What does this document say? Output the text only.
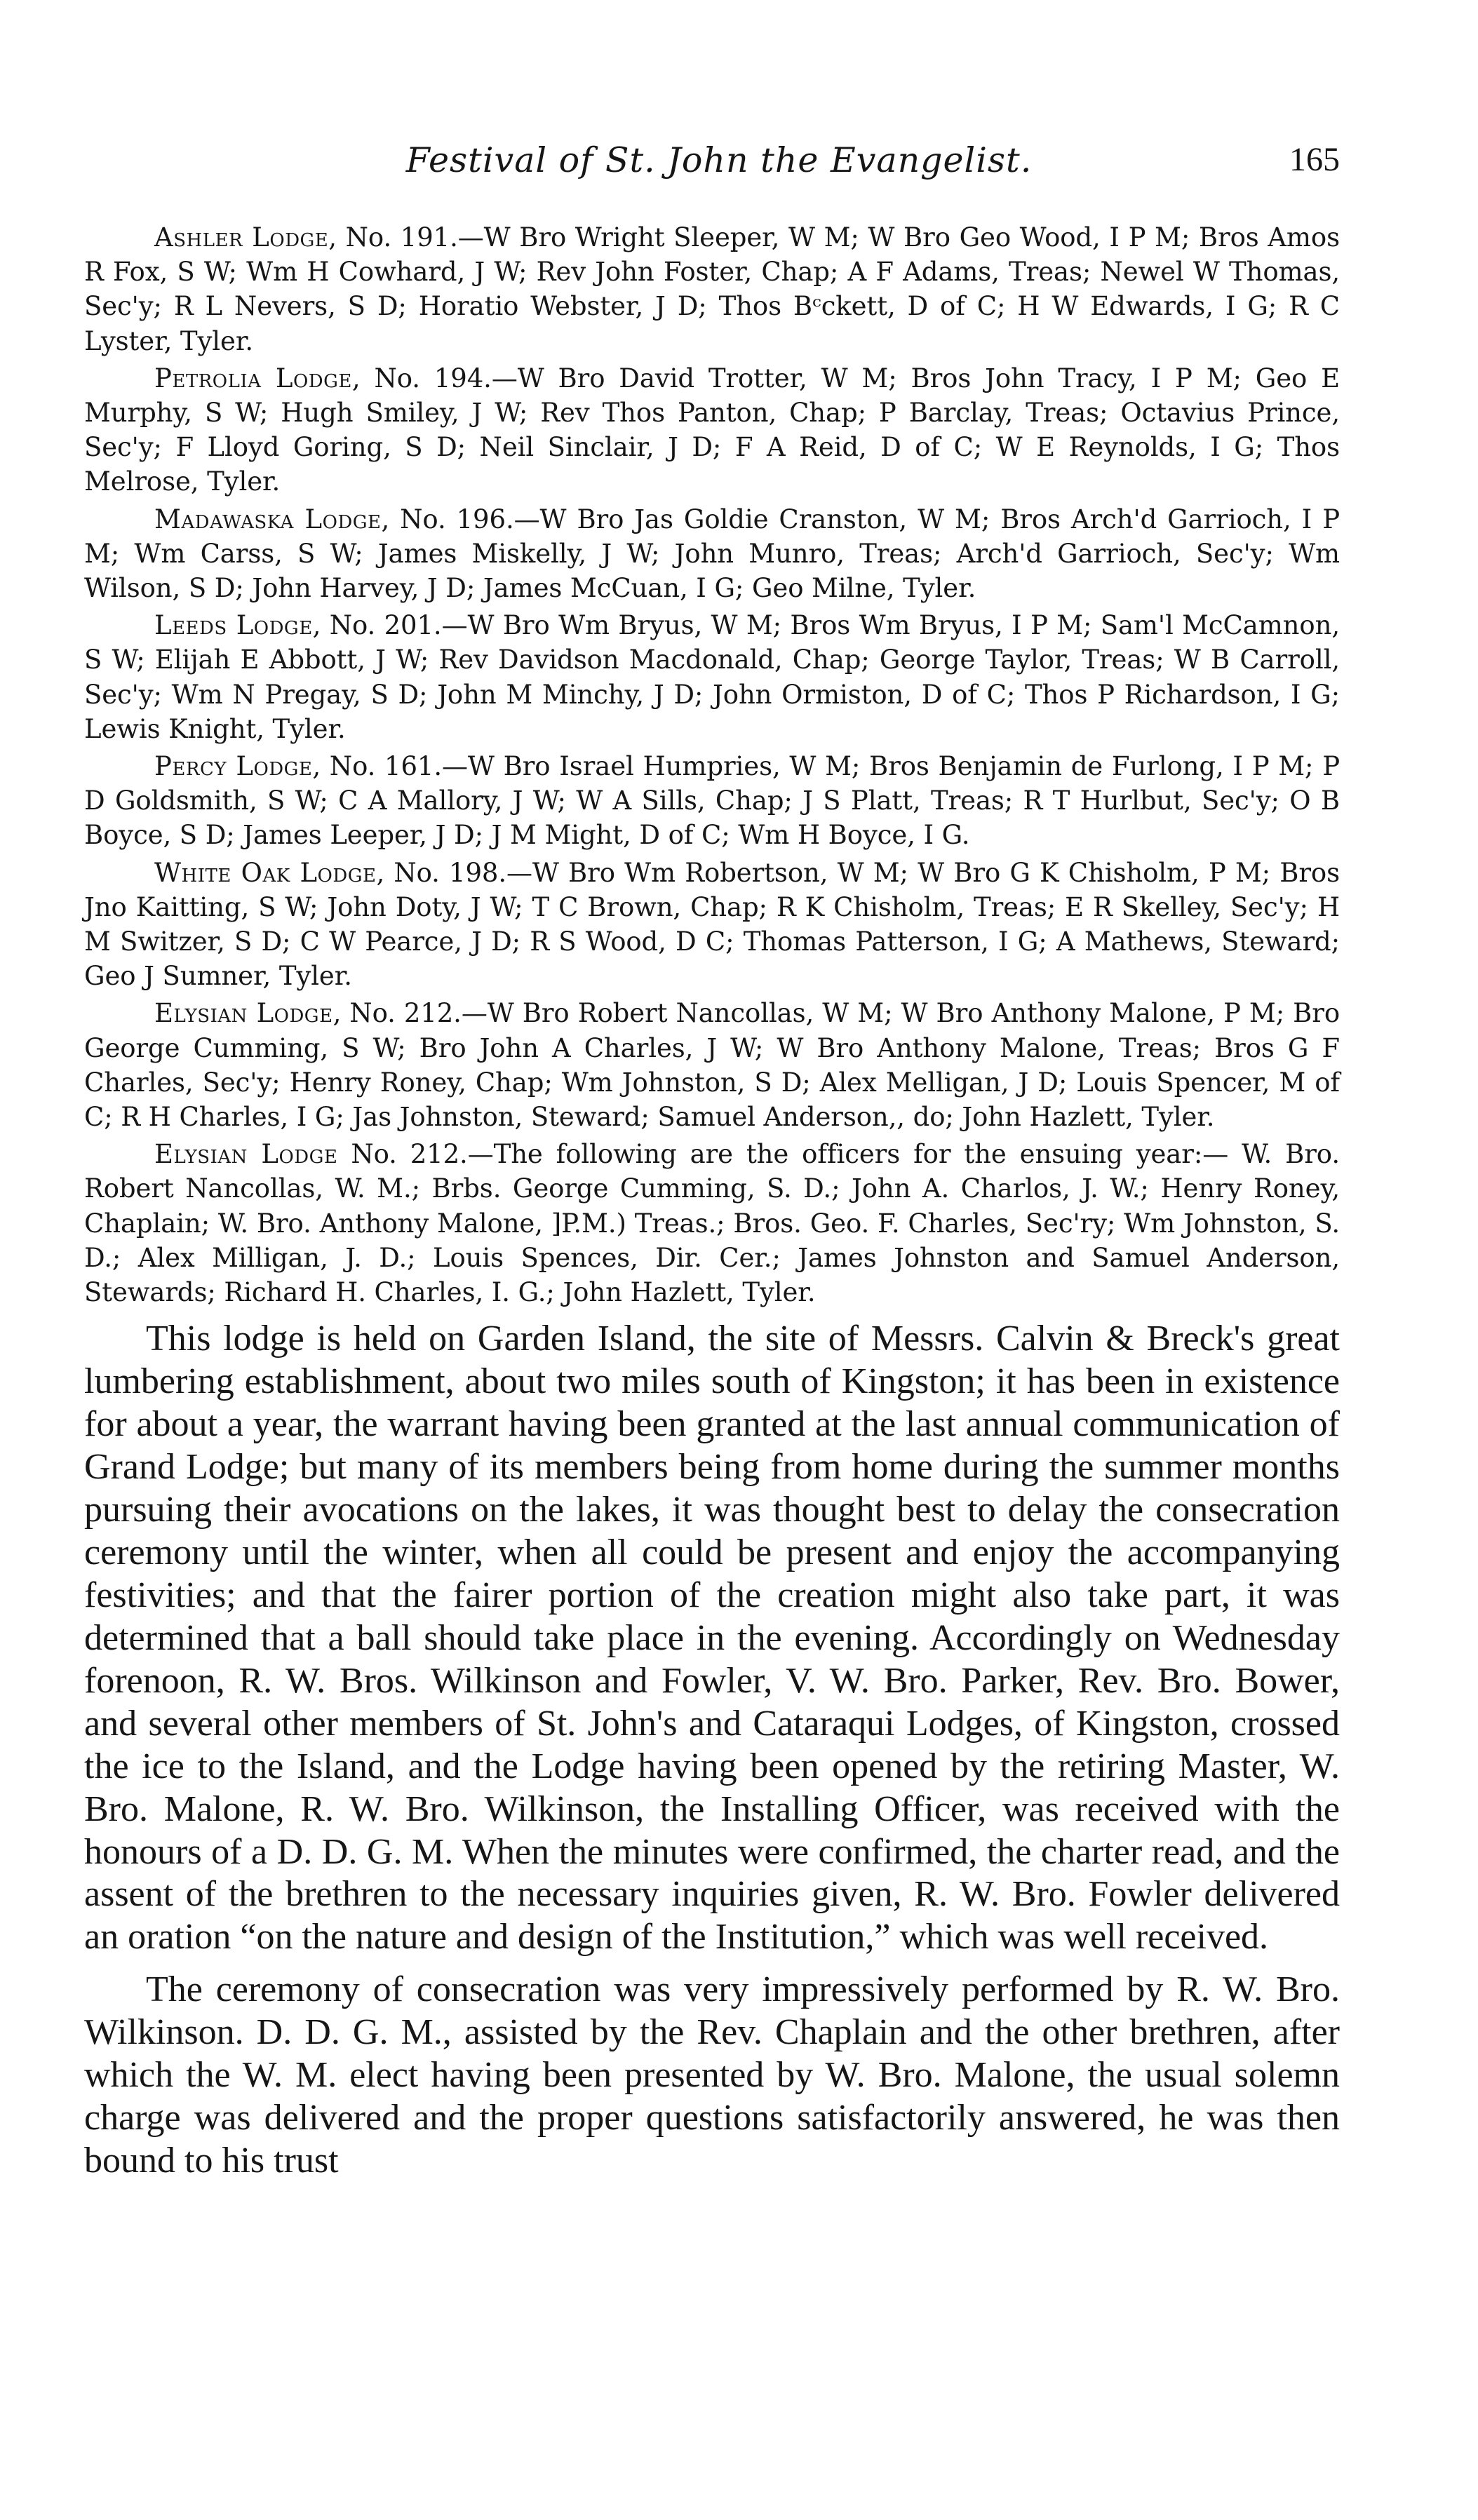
Festival of St. John the Evangelist.	165

Ashler Lodge, No. 191.—W Bro Wright Sleeper, W M; W Bro Geo Wood, I P M; Bros Amos R Fox, S W; Wm H Cowhard, J W; Rev John Foster, Chap; A F Adams, Treas; Newel W Thomas, Sec'y; R L Nevers, S D; Horatio Webster, J D; Thos Bᶜckett, D of C; H W Edwards, I G; R C Lyster, Tyler.

Petrolia Lodge, No. 194.—W Bro David Trotter, W M; Bros John Tracy, I P M; Geo E Murphy, S W; Hugh Smiley, J W; Rev Thos Panton, Chap; P Barclay, Treas; Octavius Prince, Sec'y; F Lloyd Goring, S D; Neil Sinclair, J D; F A Reid, D of C; W E Reynolds, I G; Thos Melrose, Tyler.

Madawaska Lodge, No. 196.—W Bro Jas Goldie Cranston, W M; Bros Arch'd Garrioch, I P M; Wm Carss, S W; James Miskelly, J W; John Munro, Treas; Arch'd Garrioch, Sec'y; Wm Wilson, S D; John Harvey, J D; James McCuan, I G; Geo Milne, Tyler.

Leeds Lodge, No. 201.—W Bro Wm Bryus, W M; Bros Wm Bryus, I P M; Sam'l McCamnon, S W; Elijah E Abbott, J W; Rev Davidson Macdonald, Chap; George Taylor, Treas; W B Carroll, Sec'y; Wm N Pregay, S D; John M Minchy, J D; John Ormiston, D of C; Thos P Richardson, I G; Lewis Knight, Tyler.

Percy Lodge, No. 161.—W Bro Israel Humpries, W M; Bros Benjamin de Furlong, I P M; P D Goldsmith, S W; C A Mallory, J W; W A Sills, Chap; J S Platt, Treas; R T Hurlbut, Sec'y; O B Boyce, S D; James Leeper, J D; J M Might, D of C; Wm H Boyce, I G.

White Oak Lodge, No. 198.—W Bro Wm Robertson, W M; W Bro G K Chisholm, P M; Bros Jno Kaitting, S W; John Doty, J W; T C Brown, Chap; R K Chisholm, Treas; E R Skelley, Sec'y; H M Switzer, S D; C W Pearce, J D; R S Wood, D C; Thomas Patterson, I G; A Mathews, Steward; Geo J Sumner, Tyler.

Elysian Lodge, No. 212.—W Bro Robert Nancollas, W M; W Bro Anthony Malone, P M; Bro George Cumming, S W; Bro John A Charles, J W; W Bro Anthony Malone, Treas; Bros G F Charles, Sec'y; Henry Roney, Chap; Wm Johnston, S D; Alex Melligan, J D; Louis Spencer, M of C; R H Charles, I G; Jas Johnston, Steward; Samuel Anderson,, do; John Hazlett, Tyler.

Elysian Lodge No. 212.—The following are the officers for the ensuing year:— W. Bro. Robert Nancollas, W. M.; Brbs. George Cumming, S. D.; John A. Charlos, J. W.; Henry Roney, Chaplain; W. Bro. Anthony Malone, ]P.M.) Treas.; Bros. Geo. F. Charles, Sec'ry; Wm Johnston, S. D.; Alex Milligan, J. D.; Louis Spences, Dir. Cer.; James Johnston and Samuel Anderson, Stewards; Richard H. Charles, I. G.; John Hazlett, Tyler.

This lodge is held on Garden Island, the site of Messrs. Calvin & Breck's great lumbering establishment, about two miles south of Kingston; it has been in existence for about a year, the warrant having been granted at the last annual communication of Grand Lodge; but many of its members being from home during the summer months pursuing their avocations on the lakes, it was thought best to delay the consecration ceremony until the winter, when all could be present and enjoy the accompanying festivities; and that the fairer portion of the creation might also take part, it was determined that a ball should take place in the evening. Accordingly on Wednesday forenoon, R. W. Bros. Wilkinson and Fowler, V. W. Bro. Parker, Rev. Bro. Bower, and several other members of St. John's and Cataraqui Lodges, of Kingston, crossed the ice to the Island, and the Lodge having been opened by the retiring Master, W. Bro. Malone, R. W. Bro. Wilkinson, the Installing Officer, was received with the honours of a D. D. G. M. When the minutes were confirmed, the charter read, and the assent of the brethren to the necessary inquiries given, R. W. Bro. Fowler delivered an oration “on the nature and design of the Institution,” which was well received.

The ceremony of consecration was very impressively performed by R. W. Bro. Wilkinson. D. D. G. M., assisted by the Rev. Chaplain and the other brethren, after which the W. M. elect having been presented by W. Bro. Malone, the usual solemn charge was delivered and the proper questions satisfactorily answered, he was then bound to his trust
